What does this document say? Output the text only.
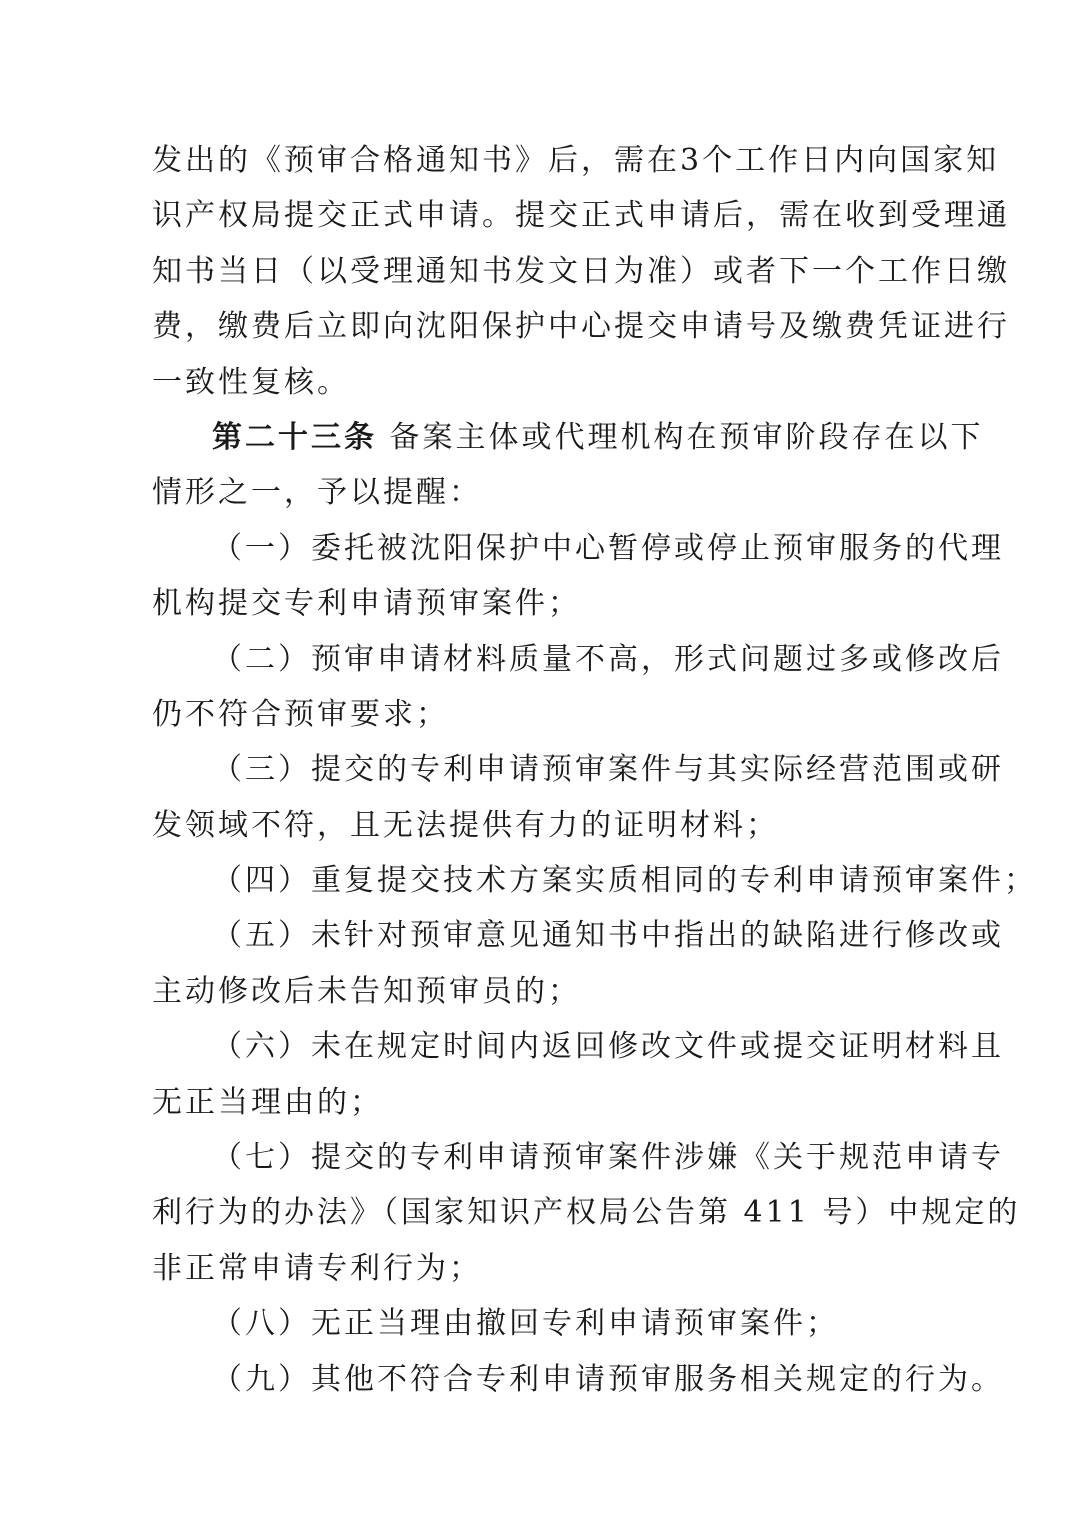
发出的《预审合格通知书》后，需在3个工作日内向国家知
识产权局提交正式申请。提交正式申请后，需在收到受理通
知书当日（以受理通知书发文日为准）或者下一个工作日缴
费，缴费后立即向沈阳保护中心提交申请号及缴费凭证进行
一致性复核。
第二十三条 备案主体或代理机构在预审阶段存在以下
情形之一，予以提醒：
（一）委托被沈阳保护中心暂停或停止预审服务的代理
机构提交专利申请预审案件；
（二）预审申请材料质量不高，形式问题过多或修改后
仍不符合预审要求；
（三）提交的专利申请预审案件与其实际经营范围或研
发领域不符，且无法提供有力的证明材料；
（四）重复提交技术方案实质相同的专利申请预审案件；
（五）未针对预审意见通知书中指出的缺陷进行修改或
主动修改后未告知预审员的；
（六）未在规定时间内返回修改文件或提交证明材料且
无正当理由的；
（七）提交的专利申请预审案件涉嫌《关于规范申请专
利行为的办法》（国家知识产权局公告第 411 号）中规定的
非正常申请专利行为；
（八）无正当理由撤回专利申请预审案件；
（九）其他不符合专利申请预审服务相关规定的行为。
